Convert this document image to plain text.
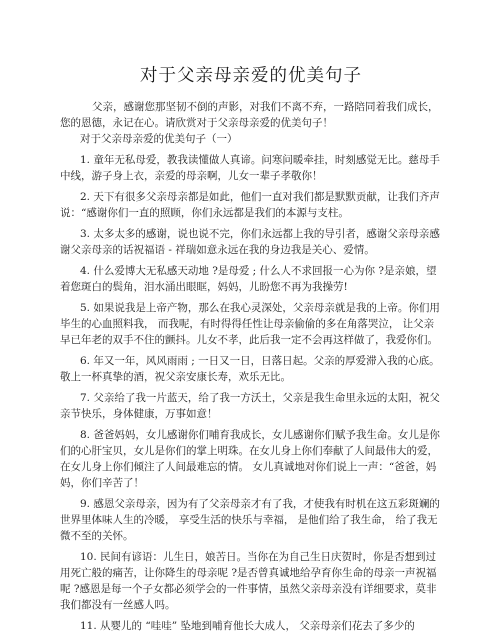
对于父亲母亲爱的优美句子

父亲，感谢您那坚韧不倒的声影，对我们不离不弃，一路陪同着我们成长，您的恩德，永记在心。请欣赏对于父亲母亲爱的优美句子！

对于父亲母亲爱的优美句子（一）

1. 童年无私母爱，教我读懂做人真谛。问寒问暖牵挂，时刻感觉无比。慈母手中线，游子身上衣，亲爱的母亲啊，儿女一辈子孝敬你！

2. 天下有很多父亲母亲都是如此，他们一直对我们都是默默贡献，让我们齐声说：“感谢你们一直的照顾，你们永远都是我们的本源与支柱。

3. 太多太多的感谢，说也说不完，你们永远都上我的导引者，感谢父亲母亲感谢父亲母亲的话祝福语 - 祥瑞如意永远在我的身边我是关心、爱情。

4. 什么爱博大无私感天动地 ?是母爱 ; 什么人不求回报一心为你 ?是亲娘，望着您斑白的鬓角，泪水涌出眼眶，妈妈，儿盼您不再为我操劳!

5. 如果说我是上帝产物，那么在我心灵深处，父亲母亲就是我的上帝。你们用毕生的心血照料我， 而我呢，有时得得任性让母亲偷偷的多在角落哭泣， 让父亲早已年老的双手不住的颤抖。儿女不孝，此后我一定不会再这样做了，我爱你们。

6. 年又一年，风风雨雨 ; 一日又一日，日落日起。父亲的厚爱滞入我的心底。敬上一杯真挚的酒，祝父亲安康长寿，欢乐无比。

7. 父亲给了我一片蓝天，给了我一方沃土，父亲是我生命里永远的太阳，祝父亲节快乐，身体健康，万事如意！

8. 爸爸妈妈，女儿感谢你们哺育我成长，女儿感谢你们赋予我生命。女儿是你们的心肝宝贝，女儿是你们的掌上明珠。在女儿身上你们奉献了人间最伟大的爱，在女儿身上你们倾注了人间最难忘的情。 女儿真诚地对你们说上一声：“爸爸，妈妈，你们辛苦了！

9. 感恩父亲母亲，因为有了父亲母亲才有了我，才使我有时机在这五彩斑斓的世界里体味人生的冷暖， 享受生活的快乐与幸福， 是他们给了我生命， 给了我无微不至的关怀。

10. 民间有谚语：儿生日，娘苦日。当你在为自己生日庆贺时，你是否想到过用死亡般的痛苦，让你降生的母亲呢 ?是否曾真诚地给孕育你生命的母亲一声祝福呢 ?感恩是每一个子女都必须学会的一件事情，虽然父亲母亲没有详细要求，莫非我们都没有一丝感人吗。

11. 从婴儿的 “哇哇” 坠地到哺育他长大成人， 父亲母亲们花去了多少的
